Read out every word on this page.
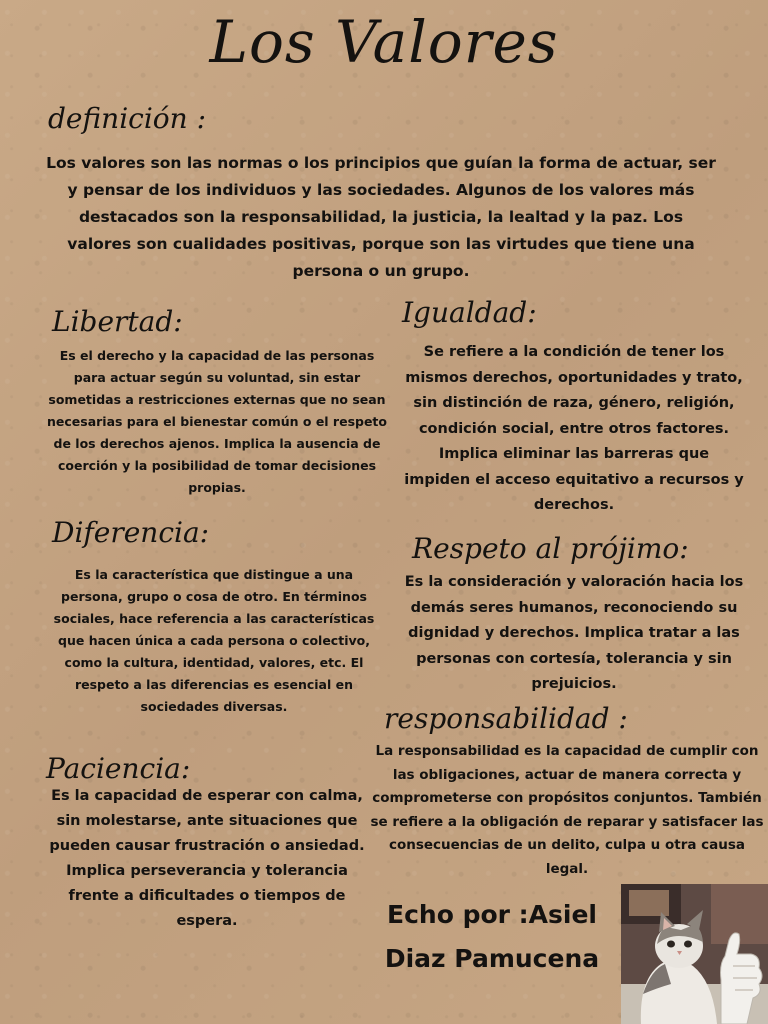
Los Valores
definición :
Los valores son las normas o los principios que guían la forma de actuar, ser y pensar de los individuos y las sociedades. Algunos de los valores más destacados son la responsabilidad, la justicia, la lealtad y la paz. Los valores son cualidades positivas, porque son las virtudes que tiene una persona o un grupo.
Libertad:
Es el derecho y la capacidad de las personas para actuar según su voluntad, sin estar sometidas a restricciones externas que no sean necesarias para el bienestar común o el respeto de los derechos ajenos. Implica la ausencia de coerción y la posibilidad de tomar decisiones propias.
Igualdad:
Se refiere a la condición de tener los mismos derechos, oportunidades y trato, sin distinción de raza, género, religión, condición social, entre otros factores. Implica eliminar las barreras que impiden el acceso equitativo a recursos y derechos.
Diferencia:
Es la característica que distingue a una persona, grupo o cosa de otro. En términos sociales, hace referencia a las características que hacen única a cada persona o colectivo, como la cultura, identidad, valores, etc. El respeto a las diferencias es esencial en sociedades diversas.
Respeto al prójimo:
Es la consideración y valoración hacia los demás seres humanos, reconociendo su dignidad y derechos. Implica tratar a las personas con cortesía, tolerancia y sin prejuicios.
responsabilidad :
La responsabilidad es la capacidad de cumplir con las obligaciones, actuar de manera correcta y comprometerse con propósitos conjuntos. También se refiere a la obligación de reparar y satisfacer las consecuencias de un delito, culpa u otra causa legal.
Paciencia:
Es la capacidad de esperar con calma, sin molestarse, ante situaciones que pueden causar frustración o ansiedad. Implica perseverancia y tolerancia frente a dificultades o tiempos de espera.	Echo por :Asiel
Diaz Pamucena
